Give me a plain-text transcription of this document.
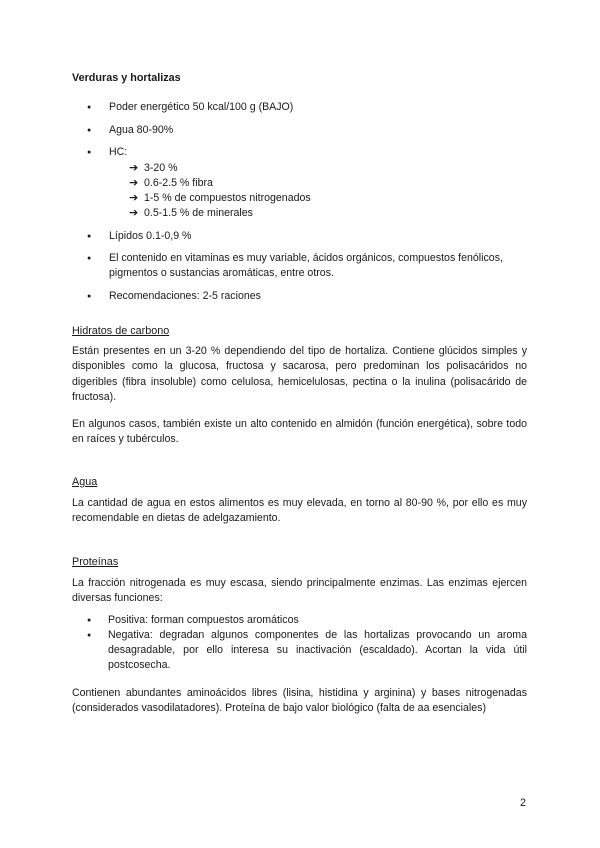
Verduras y hortalizas
● Poder energético 50 kcal/100 g (BAJO)
● Agua 80-90%
● HC:
➔ 3-20 %
➔ 0.6-2.5 % fibra
➔ 1-5 % de compuestos nitrogenados
➔ 0.5-1.5 % de minerales
● Lípidos 0.1-0,9 %
● El contenido en vitaminas es muy variable, ácidos orgánicos, compuestos fenólicos, pigmentos o sustancias aromáticas, entre otros.
● Recomendaciones: 2-5 raciones
Hidratos de carbono

Están presentes en un 3-20 % dependiendo del tipo de hortaliza. Contiene glúcidos simples y disponibles como la glucosa, fructosa y sacarosa, pero predominan los polisacáridos no digeribles (fibra insoluble) como celulosa, hemicelulosas, pectina o la inulina (polisacárido de fructosa).

En algunos casos, también existe un alto contenido en almidón (función energética), sobre todo en raíces y tubérculos.

Agua

La cantidad de agua en estos alimentos es muy elevada, en torno al 80-90 %, por ello es muy recomendable en dietas de adelgazamiento.

Proteínas

La fracción nitrogenada es muy escasa, siendo principalmente enzimas. Las enzimas ejercen diversas funciones:

● Positiva: forman compuestos aromáticos
● Negativa: degradan algunos componentes de las hortalizas provocando un aroma desagradable, por ello interesa su inactivación (escaldado). Acortan la vida útil postcosecha.

Contienen abundantes aminoácidos libres (lisina, histidina y arginina) y bases nitrogenadas (considerados vasodilatadores). Proteína de bajo valor biológico (falta de aa esenciales)

2
